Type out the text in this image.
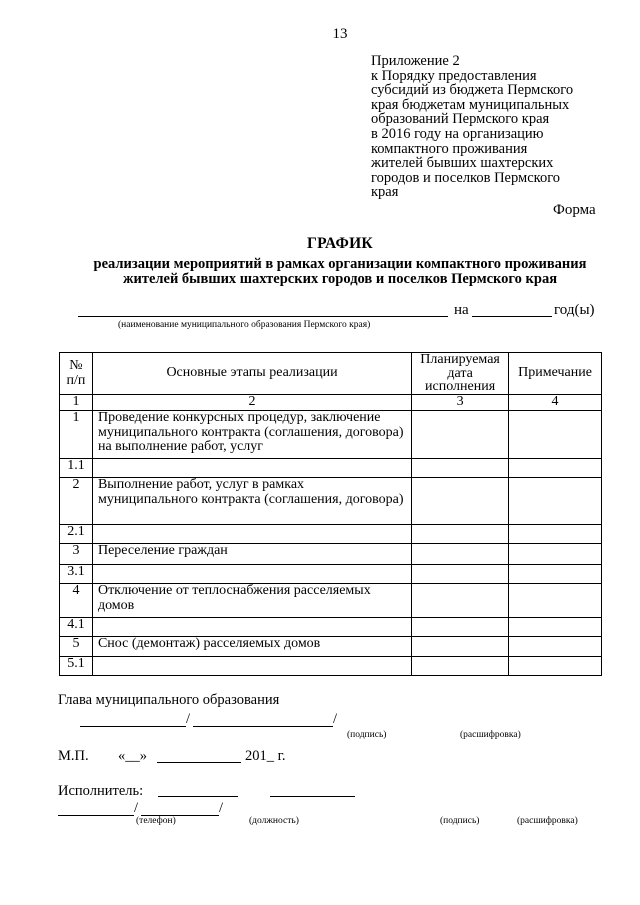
13
Приложение 2
к Порядку предоставления
субсидий из бюджета Пермского
края бюджетам муниципальных
образований Пермского края
в 2016 году на организацию
компактного проживания
жителей бывших шахтерских
городов и поселков Пермского
края
Форма
ГРАФИК
реализации мероприятий в рамках организации компактного проживания
жителей бывших шахтерских городов и поселков Пермского края
на	год(ы)
(наименование муниципального образования Пермского края)
№ п/п	Основные этапы реализации	Планируемая дата исполнения	Примечание
1	2	3	4
1	Проведение конкурсных процедур, заключение муниципального контракта (соглашения, договора) на выполнение работ, услуг		
1.1			
2	Выполнение работ, услуг в рамках муниципального контракта (соглашения, договора)		
2.1			
3	Переселение граждан		
3.1			
4	Отключение от теплоснабжения расселяемых домов		
4.1			
5	Снос (демонтаж) расселяемых домов		
5.1			
Глава муниципального образования
/	/
(подпись)	(расшифровка)
М.П. «__»	201_ г.
Исполнитель:
/	/
(телефон)	(должность)	(подпись)	(расшифровка)
